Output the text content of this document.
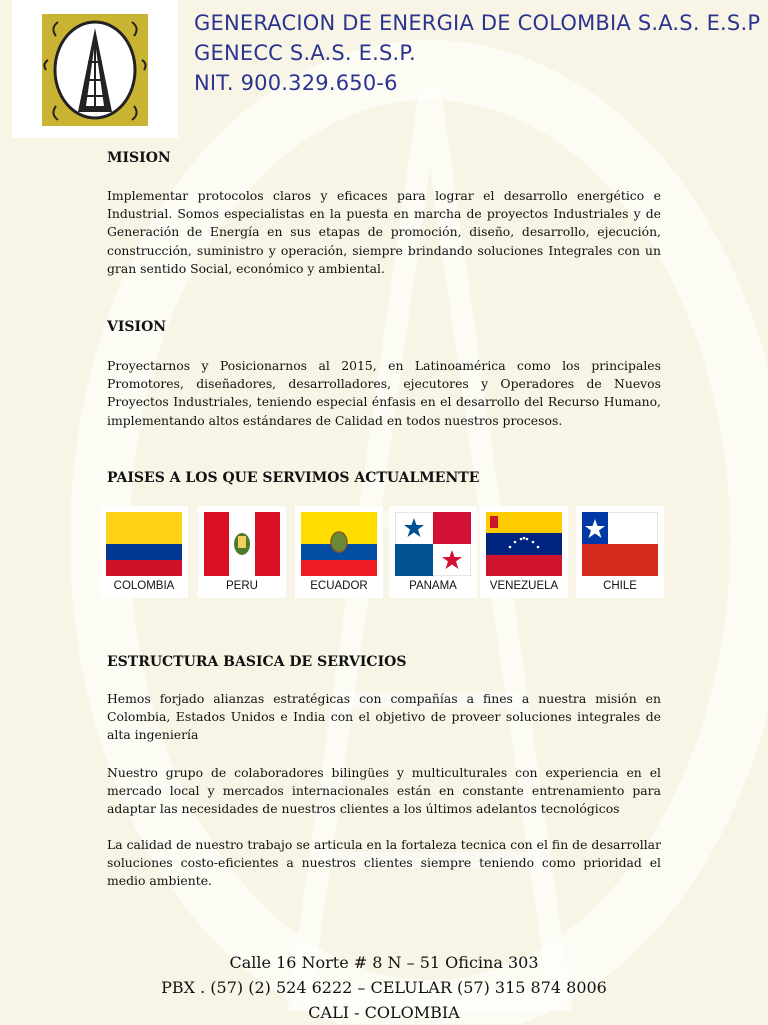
GENERACION DE ENERGIA DE COLOMBIA S.A.S. E.S.P
GENECC S.A.S. E.S.P.
NIT. 900.329.650-6
MISION

Implementar protocolos claros y eficaces para lograr el desarrollo energético e Industrial. Somos especialistas en la puesta en marcha de proyectos Industriales y de Generación de Energía en sus etapas de promoción, diseño, desarrollo, ejecución, construcción, suministro y operación, siempre brindando soluciones Integrales con un gran sentido Social, económico y ambiental.

VISION

Proyectarnos y Posicionarnos al 2015, en Latinoamérica como los principales Promotores, diseñadores, desarrolladores, ejecutores y Operadores de Nuevos Proyectos Industriales, teniendo especial énfasis en el desarrollo del Recurso Humano, implementando altos estándares de Calidad en todos nuestros procesos.

PAISES A LOS QUE SERVIMOS ACTUALMENTE
COLOMBIA	PERU	ECUADOR	PANAMA	VENEZUELA	CHILE
ESTRUCTURA BASICA DE SERVICIOS

Hemos forjado alianzas estratégicas con compañías a fines a nuestra misión en Colombia, Estados Unidos e India con el objetivo de proveer soluciones integrales de alta ingeniería

Nuestro grupo de colaboradores bilingües y multiculturales con experiencia en el mercado local y mercados internacionales están en constante entrenamiento para adaptar las necesidades de nuestros clientes a los últimos adelantos tecnológicos

La calidad de nuestro trabajo se articula en la fortaleza tecnica con el fin de desarrollar soluciones costo-eficientes a nuestros clientes siempre teniendo como prioridad el medio ambiente.

Calle 16 Norte # 8 N – 51 Oficina 303
PBX . (57) (2) 524 6222 – CELULAR (57) 315 874 8006
CALI - COLOMBIA
